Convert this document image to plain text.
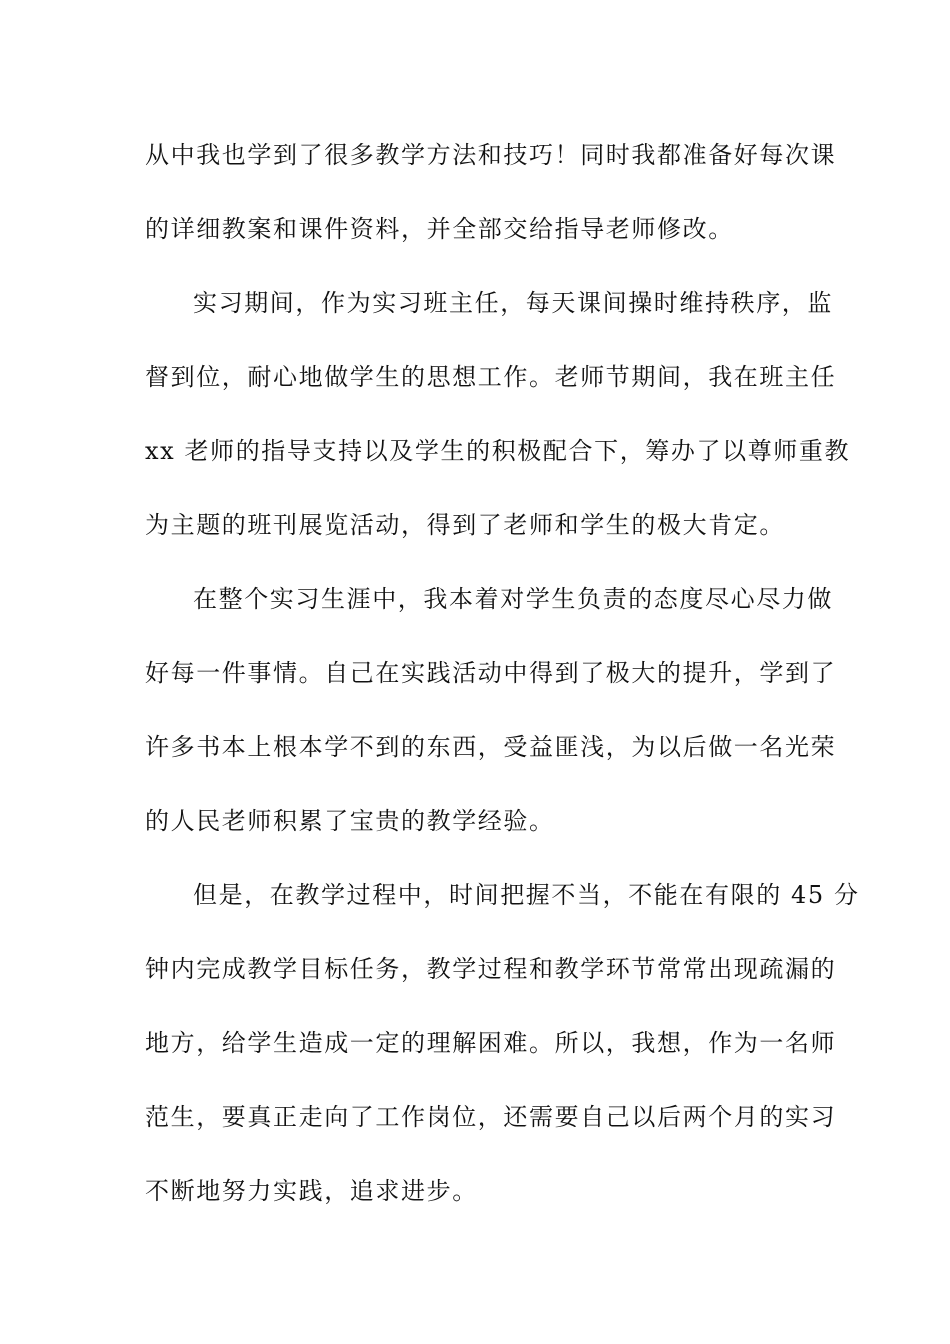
从中我也学到了很多教学方法和技巧！同时我都准备好每次课
的详细教案和课件资料，并全部交给指导老师修改。
实习期间，作为实习班主任，每天课间操时维持秩序，监
督到位，耐心地做学生的思想工作。老师节期间，我在班主任
xx 老师的指导支持以及学生的积极配合下，筹办了以尊师重教
为主题的班刊展览活动，得到了老师和学生的极大肯定。
在整个实习生涯中，我本着对学生负责的态度尽心尽力做
好每一件事情。自己在实践活动中得到了极大的提升，学到了
许多书本上根本学不到的东西，受益匪浅，为以后做一名光荣
的人民老师积累了宝贵的教学经验。
但是，在教学过程中，时间把握不当，不能在有限的 45 分
钟内完成教学目标任务，教学过程和教学环节常常出现疏漏的
地方，给学生造成一定的理解困难。所以，我想，作为一名师
范生，要真正走向了工作岗位，还需要自己以后两个月的实习
不断地努力实践，追求进步。
